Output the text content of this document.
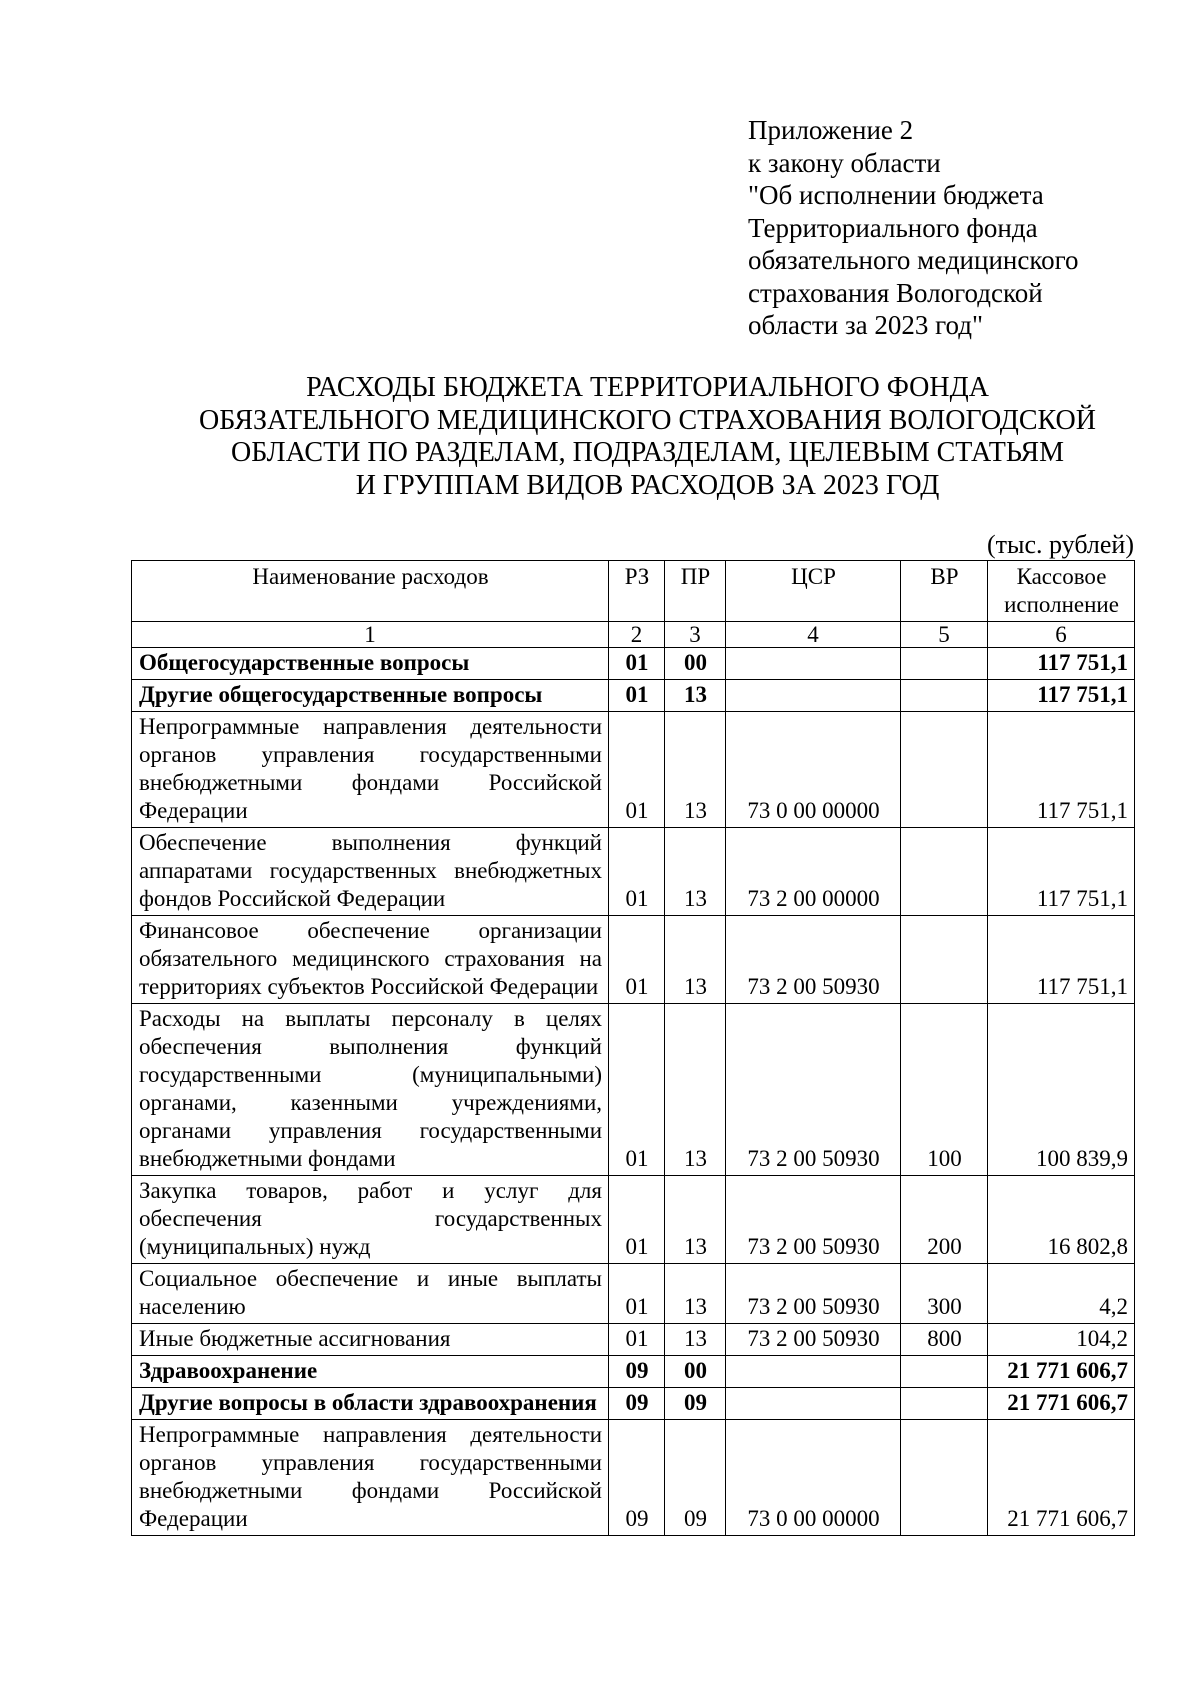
Приложение 2
к закону области
"Об исполнении бюджета
Территориального фонда
обязательного медицинского
страхования Вологодской
области за 2023 год"
РАСХОДЫ БЮДЖЕТА ТЕРРИТОРИАЛЬНОГО ФОНДА
ОБЯЗАТЕЛЬНОГО МЕДИЦИНСКОГО СТРАХОВАНИЯ ВОЛОГОДСКОЙ
ОБЛАСТИ ПО РАЗДЕЛАМ, ПОДРАЗДЕЛАМ, ЦЕЛЕВЫМ СТАТЬЯМ
И ГРУППАМ ВИДОВ РАСХОДОВ ЗА 2023 ГОД
(тыс. рублей)
Наименование расходов	РЗ	ПР	ЦСР	ВР	Кассовое
исполнение

1	2	3	4	5	6
Общегосударственные вопросы	01	00			117 751,1
Другие общегосударственные вопросы	01	13			117 751,1
Непрограммные направления деятельности органов управления государственными внебюджетными фондами Российской Федерации	01	13	73 0 00 00000		117 751,1
Обеспечение выполнения функций аппаратами государственных внебюджетных фондов Российской Федерации	01	13	73 2 00 00000		117 751,1
Финансовое обеспечение организации обязательного медицинского страхования на территориях субъектов Российской Федерации	01	13	73 2 00 50930		117 751,1
Расходы на выплаты персоналу в целях обеспечения выполнения функций государственными (муниципальными) органами, казенными учреждениями, органами управления государственными внебюджетными фондами	01	13	73 2 00 50930	100	100 839,9
Закупка товаров, работ и услуг для обеспечения государственных (муниципальных) нужд	01	13	73 2 00 50930	200	16 802,8
Социальное обеспечение и иные выплаты населению	01	13	73 2 00 50930	300	4,2
Иные бюджетные ассигнования	01	13	73 2 00 50930	800	104,2
Здравоохранение	09	00			21 771 606,7
Другие вопросы в области здравоохранения	09	09			21 771 606,7
Непрограммные направления деятельности органов управления государственными внебюджетными фондами Российской Федерации	09	09	73 0 00 00000		21 771 606,7
